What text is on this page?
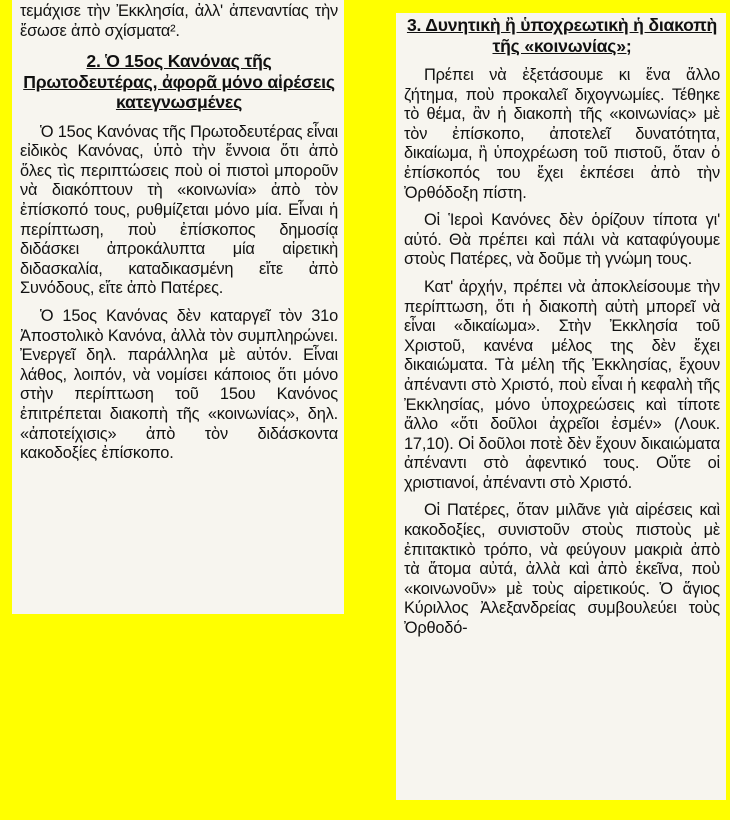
τεμάχισε τὴν Ἐκκλησία, ἀλλ' ἀπεναντίας τὴν ἔσωσε ἀπὸ σχίσματα².

2. Ὁ 15ος Κανόνας τῆς Πρωτοδευτέρας, ἀφορᾶ μόνο αἱρέσεις κατεγνωσμένες

Ὁ 15ος Κανόνας τῆς Πρωτοδευτέρας εἶναι εἰδικὸς Κανόνας, ὑπὸ τὴν ἔννοια ὅτι ἀπὸ ὅλες τὶς περιπτώσεις ποὺ οἱ πιστοὶ μποροῦν νὰ διακόπτουν τὴ «κοινωνία» ἀπὸ τὸν ἐπίσκοπό τους, ρυθμίζεται μόνο μία. Εἶναι ἡ περίπτωση, ποὺ ἐπίσκοπος δημοσίᾳ διδάσκει ἀπροκάλυπτα μία αἱρετικὴ διδασκαλία, καταδικασμένη εἴτε ἀπὸ Συνόδους, εἴτε ἀπὸ Πατέρες.

Ὁ 15ος Κανόνας δὲν καταργεῖ τὸν 31ο Ἀποστολικὸ Κανόνα, ἀλλὰ τὸν συμπληρώνει. Ἐνεργεῖ δηλ. παράλληλα μὲ αὐτόν. Εἶναι λάθος, λοιπόν, νὰ νομίσει κάποιος ὅτι μόνο στὴν περίπτωση τοῦ 15ου Κανόνος ἐπιτρέπεται διακοπὴ τῆς «κοινωνίας», δηλ. «ἀποτείχισις» ἀπὸ τὸν διδάσκοντα κακοδοξίες ἐπίσκοπο.

3. Δυνητικὴ ἢ ὑποχρεωτικὴ ἡ διακοπὴ τῆς «κοινωνίας»;

Πρέπει νὰ ἐξετάσουμε κι ἕνα ἄλλο ζήτημα, ποὺ προκαλεῖ διχογνωμίες. Τέθηκε τὸ θέμα, ἂν ἡ διακοπὴ τῆς «κοινωνίας» μὲ τὸν ἐπίσκοπο, ἀποτελεῖ δυνατότητα, δικαίωμα, ἢ ὑποχρέωση τοῦ πιστοῦ, ὅταν ὁ ἐπίσκοπός του ἔχει ἐκπέσει ἀπὸ τὴν Ὀρθόδοξη πίστη.

Οἱ Ἱεροὶ Κανόνες δὲν ὁρίζουν τίποτα γι' αὐτό. Θὰ πρέπει καὶ πάλι νὰ καταφύγουμε στοὺς Πατέρες, νὰ δοῦμε τὴ γνώμη τους.

Κατ' ἀρχήν, πρέπει νὰ ἀποκλείσουμε τὴν περίπτωση, ὅτι ἡ διακοπὴ αὐτὴ μπορεῖ νὰ εἶναι «δικαίωμα». Στὴν Ἐκκλησία τοῦ Χριστοῦ, κανένα μέλος της δὲν ἔχει δικαιώματα. Τὰ μέλη τῆς Ἐκκλησίας, ἔχουν ἀπέναντι στὸ Χριστό, ποὺ εἶναι ἡ κεφαλὴ τῆς Ἐκκλησίας, μόνο ὑποχρεώσεις καὶ τίποτε ἄλλο «ὅτι δοῦλοι ἀχρεῖοι ἐσμέν» (Λουκ. 17,10). Οἱ δοῦλοι ποτὲ δὲν ἔχουν δικαιώματα ἀπέναντι στὸ ἀφεντικό τους. Οὔτε οἱ χριστιανοί, ἀπέναντι στὸ Χριστό.

Οἱ Πατέρες, ὅταν μιλᾶνε γιὰ αἱρέσεις καὶ κακοδοξίες, συνιστοῦν στοὺς πιστοὺς μὲ ἐπιτακτικὸ τρόπο, νὰ φεύγουν μακριὰ ἀπὸ τὰ ἄτομα αὐτά, ἀλλὰ καὶ ἀπὸ ἐκεῖνα, ποὺ «κοινωνοῦν» μὲ τοὺς αἱρετικούς. Ὁ ἅγιος Κύριλλος Ἀλεξανδρείας συμβουλεύει τοὺς Ὀρθοδό-
